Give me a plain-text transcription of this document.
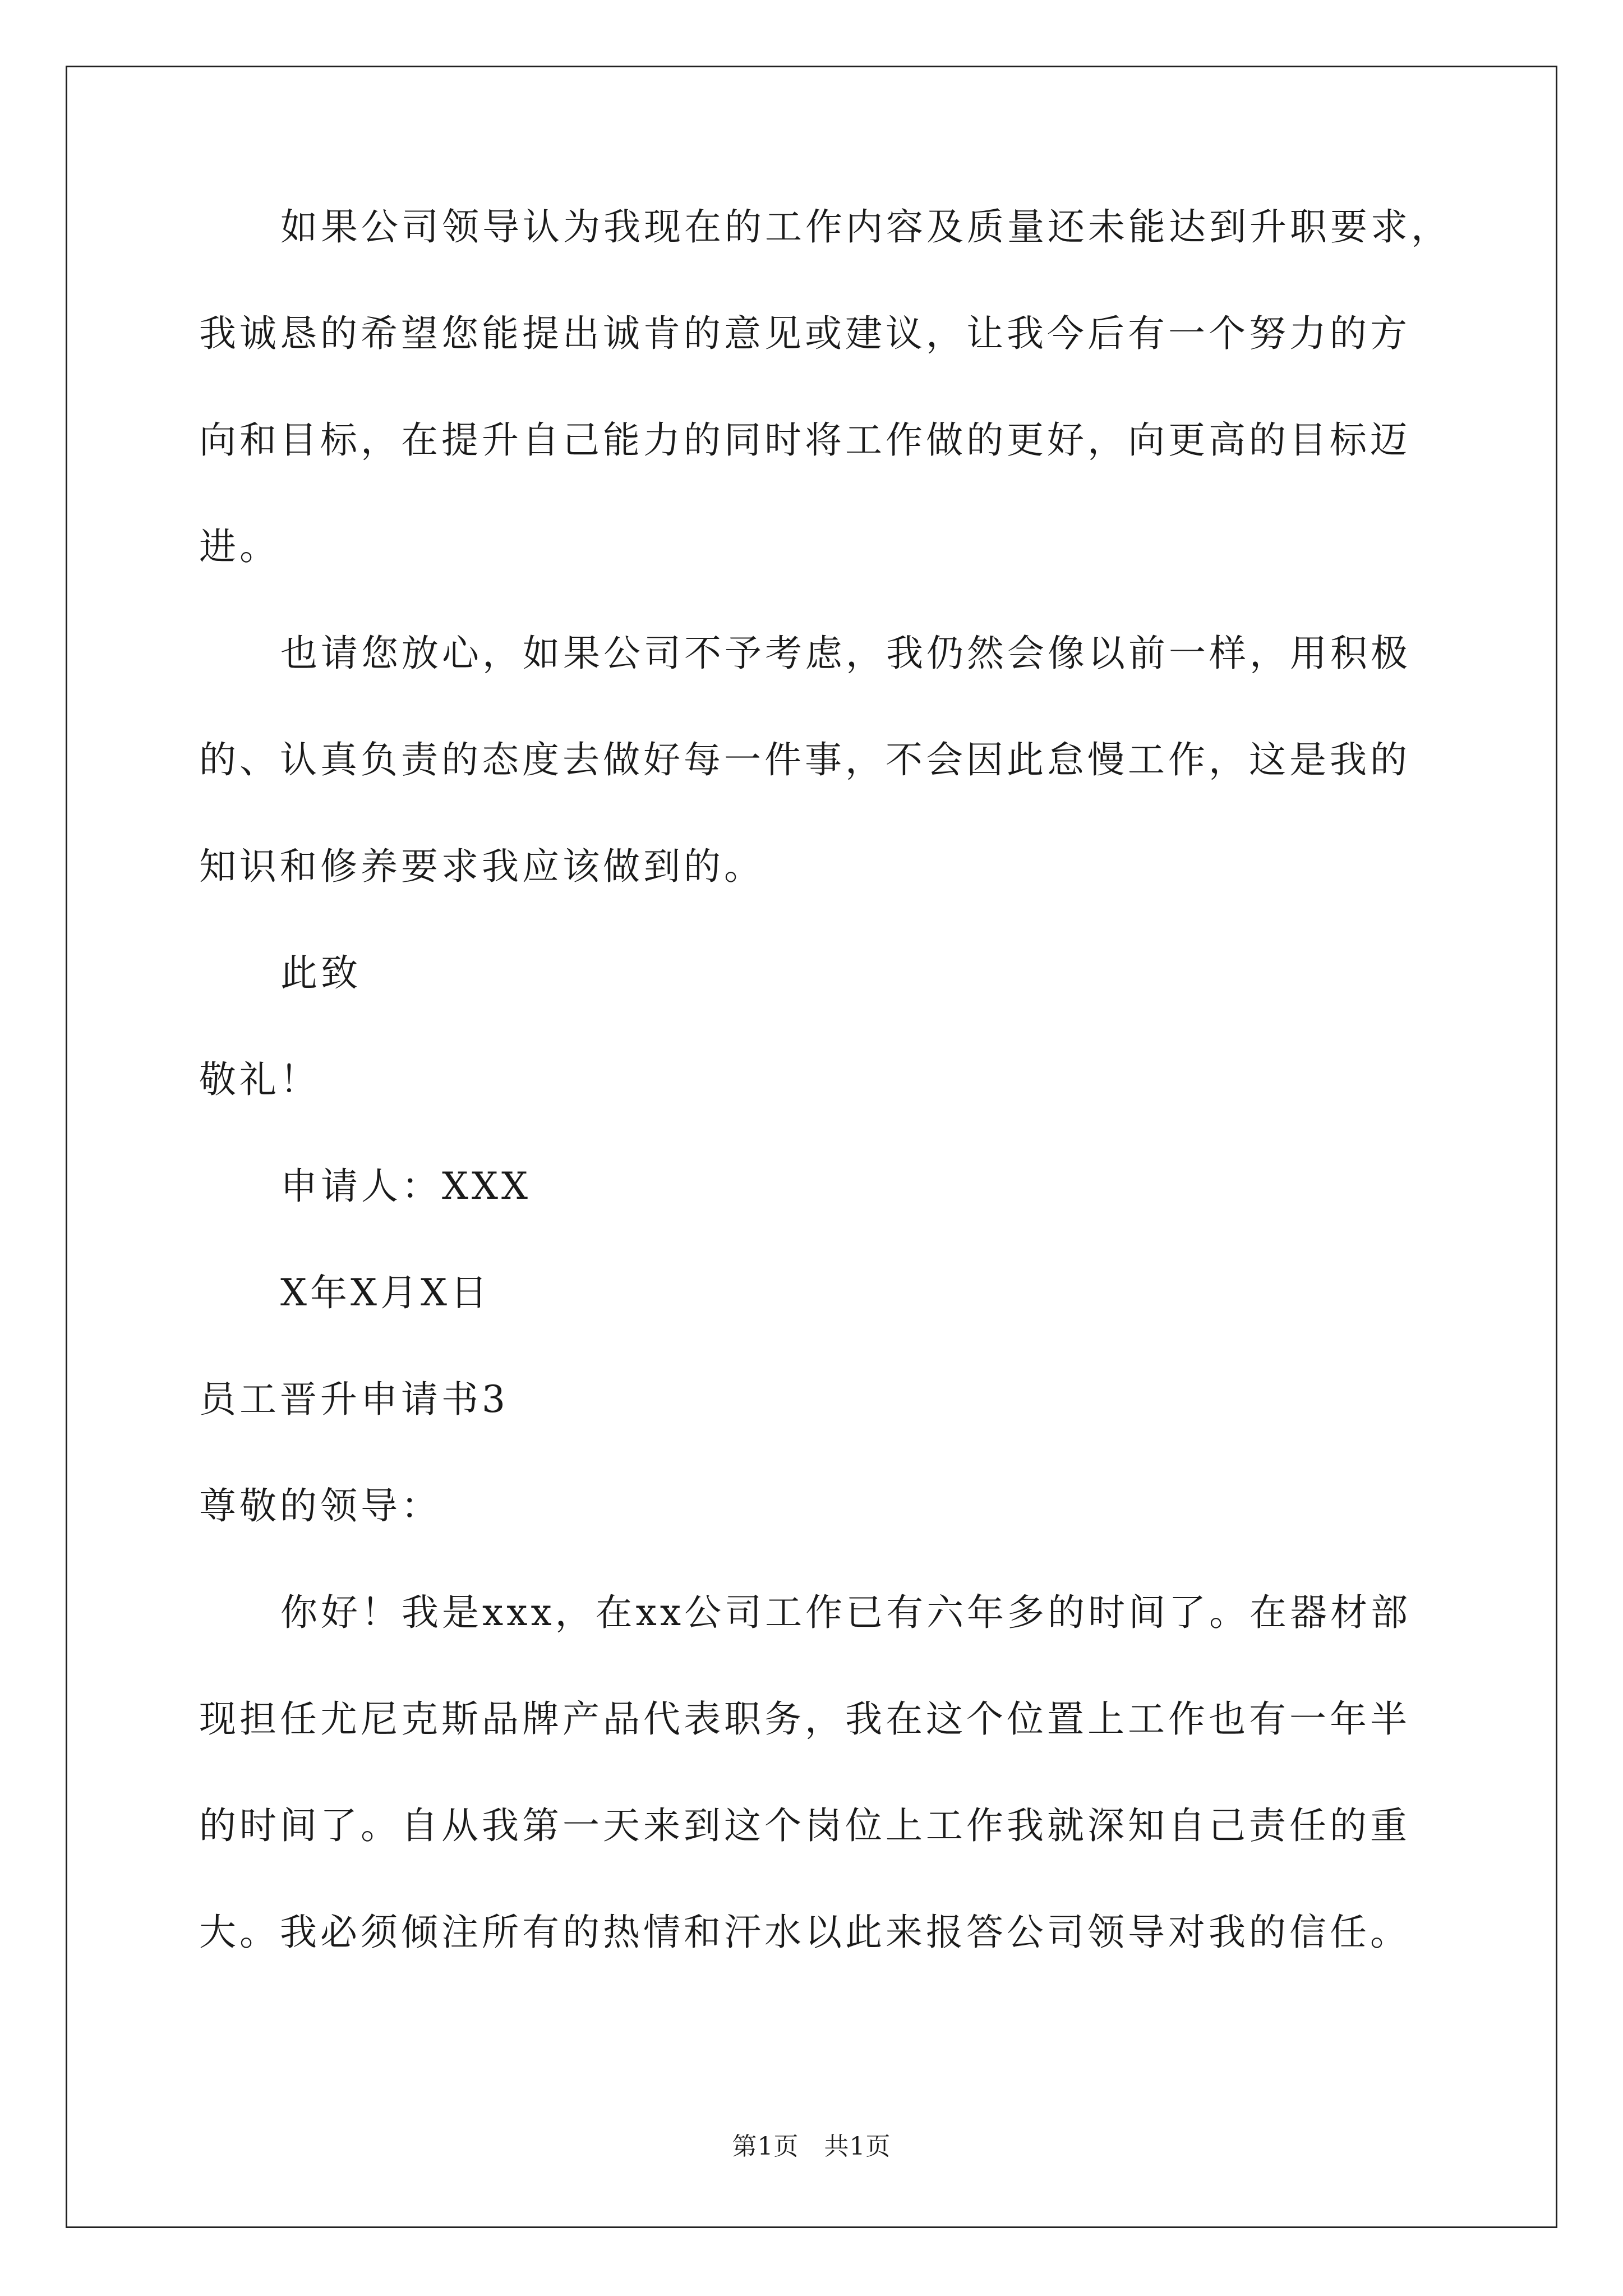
如果公司领导认为我现在的工作内容及质量还未能达到升职要求，
我诚恳的希望您能提出诚肯的意见或建议，让我今后有一个努力的方
向和目标，在提升自己能力的同时将工作做的更好，向更高的目标迈
进。
也请您放心，如果公司不予考虑，我仍然会像以前一样，用积极
的、认真负责的态度去做好每一件事，不会因此怠慢工作，这是我的
知识和修养要求我应该做到的。
此致
敬礼！
申请人：XXX
X年X月X日
员工晋升申请书3
尊敬的领导：
你好！我是xxx，在xx公司工作已有六年多的时间了。在器材部
现担任尤尼克斯品牌产品代表职务，我在这个位置上工作也有一年半
的时间了。自从我第一天来到这个岗位上工作我就深知自己责任的重
大。我必须倾注所有的热情和汗水以此来报答公司领导对我的信任。
第1页　共1页
